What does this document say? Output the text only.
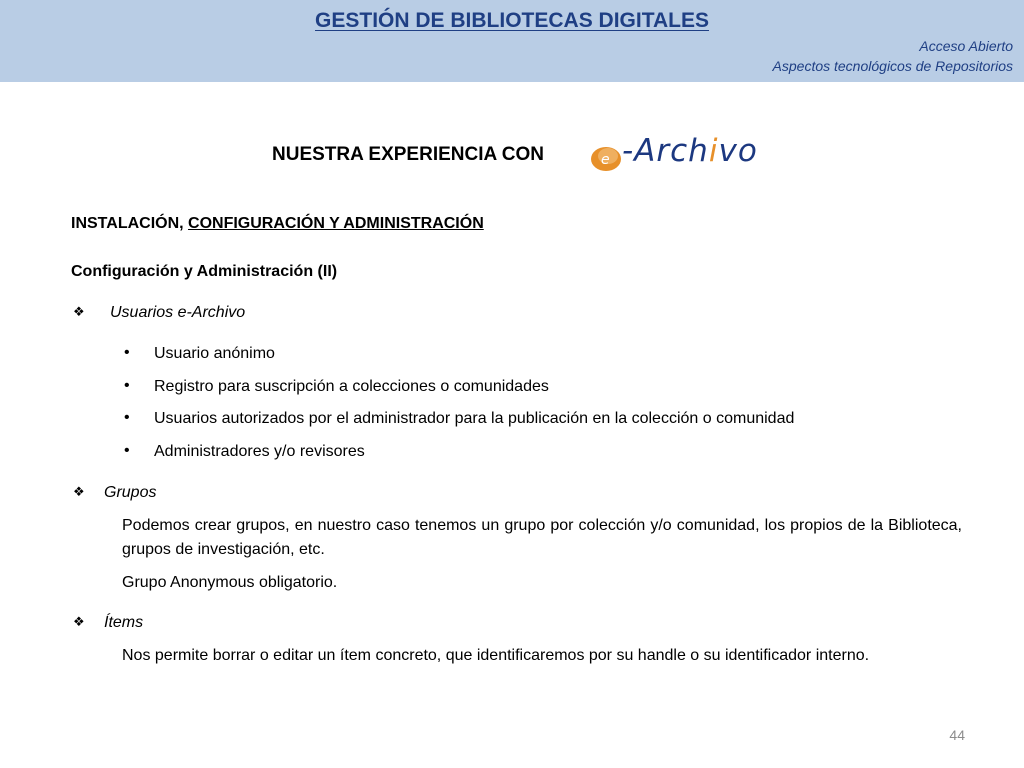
GESTIÓN DE BIBLIOTECAS DIGITALES
Acceso Abierto
Aspectos tecnológicos de Repositorios
NUESTRA EXPERIENCIA CON	e -Archivo
INSTALACIÓN, CONFIGURACIÓN Y ADMINISTRACIÓN
Configuración y Administración (II)
❖ Usuarios e-Archivo
• Usuario anónimo
• Registro para suscripción a colecciones o comunidades
• Usuarios autorizados por el administrador para la publicación en la colección o comunidad
• Administradores y/o revisores
❖ Grupos
Podemos crear grupos, en nuestro caso tenemos un grupo por colección y/o comunidad, los propios de la Biblioteca, grupos de investigación, etc.
Grupo Anonymous obligatorio.
❖ Ítems
Nos permite borrar o editar un ítem concreto, que identificaremos por su handle o su identificador interno.
44
